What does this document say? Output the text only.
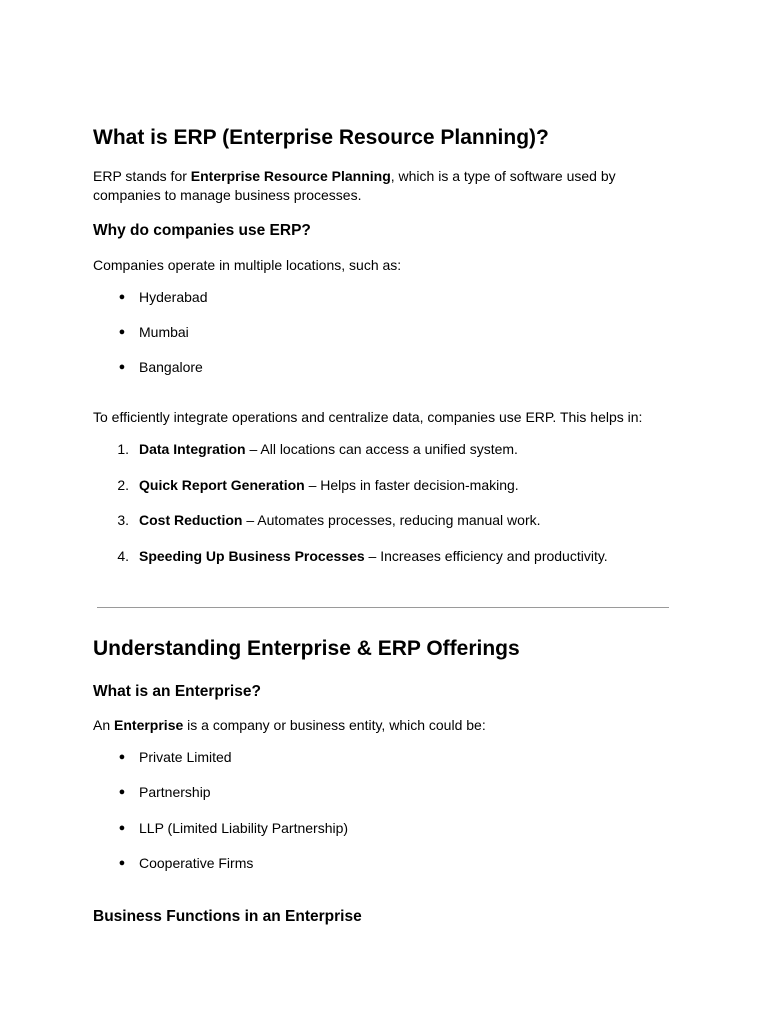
What is ERP (Enterprise Resource Planning)?

ERP stands for Enterprise Resource Planning, which is a type of software used by companies to manage business processes.

Why do companies use ERP?

Companies operate in multiple locations, such as:

● Hyderabad
● Mumbai
● Bangalore

To efficiently integrate operations and centralize data, companies use ERP. This helps in:

1. Data Integration – All locations can access a unified system.
2. Quick Report Generation – Helps in faster decision-making.
3. Cost Reduction – Automates processes, reducing manual work.
4. Speeding Up Business Processes – Increases efficiency and productivity.
Understanding Enterprise & ERP Offerings
What is an Enterprise?

An Enterprise is a company or business entity, which could be:

● Private Limited
● Partnership
● LLP (Limited Liability Partnership)
● Cooperative Firms
Business Functions in an Enterprise
